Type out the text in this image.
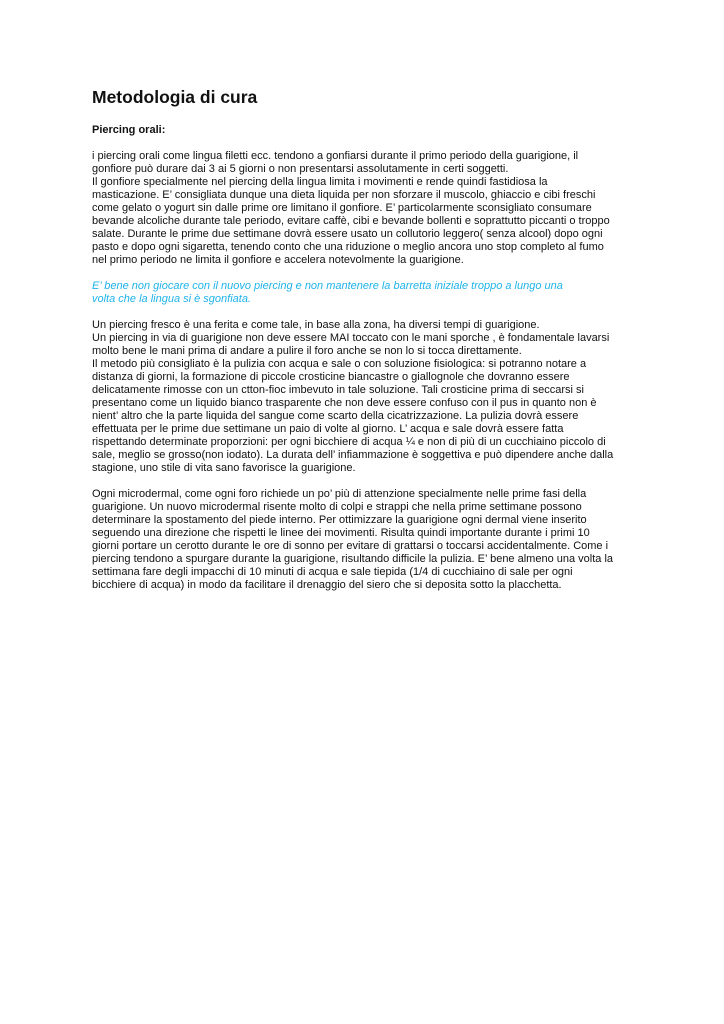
Metodologia di cura
Piercing orali:
i piercing orali come lingua filetti ecc. tendono a gonfiarsi durante il primo periodo della guarigione, il
gonfiore può durare dai 3 ai 5 giorni o non presentarsi assolutamente in certi soggetti.
Il gonfiore specialmente nel piercing della lingua limita i movimenti e rende quindi fastidiosa la
masticazione. E’ consigliata dunque una dieta liquida per non sforzare il muscolo, ghiaccio e cibi freschi
come gelato o yogurt sin dalle prime ore limitano il gonfiore. E’ particolarmente sconsigliato consumare
bevande alcoliche durante tale periodo, evitare caffè, cibi e bevande bollenti e soprattutto piccanti o troppo
salate. Durante le prime due settimane dovrà essere usato un collutorio leggero( senza alcool) dopo ogni
pasto e dopo ogni sigaretta, tenendo conto che una riduzione o meglio ancora uno stop completo al fumo
nel primo periodo ne limita il gonfiore e accelera notevolmente la guarigione.
E’ bene non giocare con il nuovo piercing e non mantenere la barretta iniziale troppo a lungo una
volta che la lingua si è sgonfiata.
Un piercing fresco è una ferita e come tale, in base alla zona, ha diversi tempi di guarigione.
Un piercing in via di guarigione non deve essere MAI toccato con le mani sporche , è fondamentale lavarsi
molto bene le mani prima di andare a pulire il foro anche se non lo si tocca direttamente.
Il metodo più consigliato è la pulizia con acqua e sale o con soluzione fisiologica: si potranno notare a
distanza di giorni, la formazione di piccole crosticine biancastre o giallognole che dovranno essere
delicatamente rimosse con un ctton-fioc imbevuto in tale soluzione. Tali crosticine prima di seccarsi si
presentano come un liquido bianco trasparente che non deve essere confuso con il pus in quanto non è
nient’ altro che la parte liquida del sangue come scarto della cicatrizzazione. La pulizia dovrà essere
effettuata per le prime due settimane un paio di volte al giorno. L’ acqua e sale dovrà essere fatta
rispettando determinate proporzioni: per ogni bicchiere di acqua ¼ e non di più di un cucchiaino piccolo di
sale, meglio se grosso(non iodato). La durata dell’ infiammazione è soggettiva e può dipendere anche dalla
stagione, uno stile di vita sano favorisce la guarigione.
Ogni microdermal, come ogni foro richiede un po’ più di attenzione specialmente nelle prime fasi della
guarigione. Un nuovo microdermal risente molto di colpi e strappi che nella prime settimane possono
determinare la spostamento del piede interno. Per ottimizzare la guarigione ogni dermal viene inserito
seguendo una direzione che rispetti le linee dei movimenti. Risulta quindi importante durante i primi 10
giorni portare un cerotto durante le ore di sonno per evitare di grattarsi o toccarsi accidentalmente. Come i
piercing tendono a spurgare durante la guarigione, risultando difficile la pulizia. E’ bene almeno una volta la
settimana fare degli impacchi di 10 minuti di acqua e sale tiepida (1/4 di cucchiaino di sale per ogni
bicchiere di acqua) in modo da facilitare il drenaggio del siero che si deposita sotto la placchetta.
